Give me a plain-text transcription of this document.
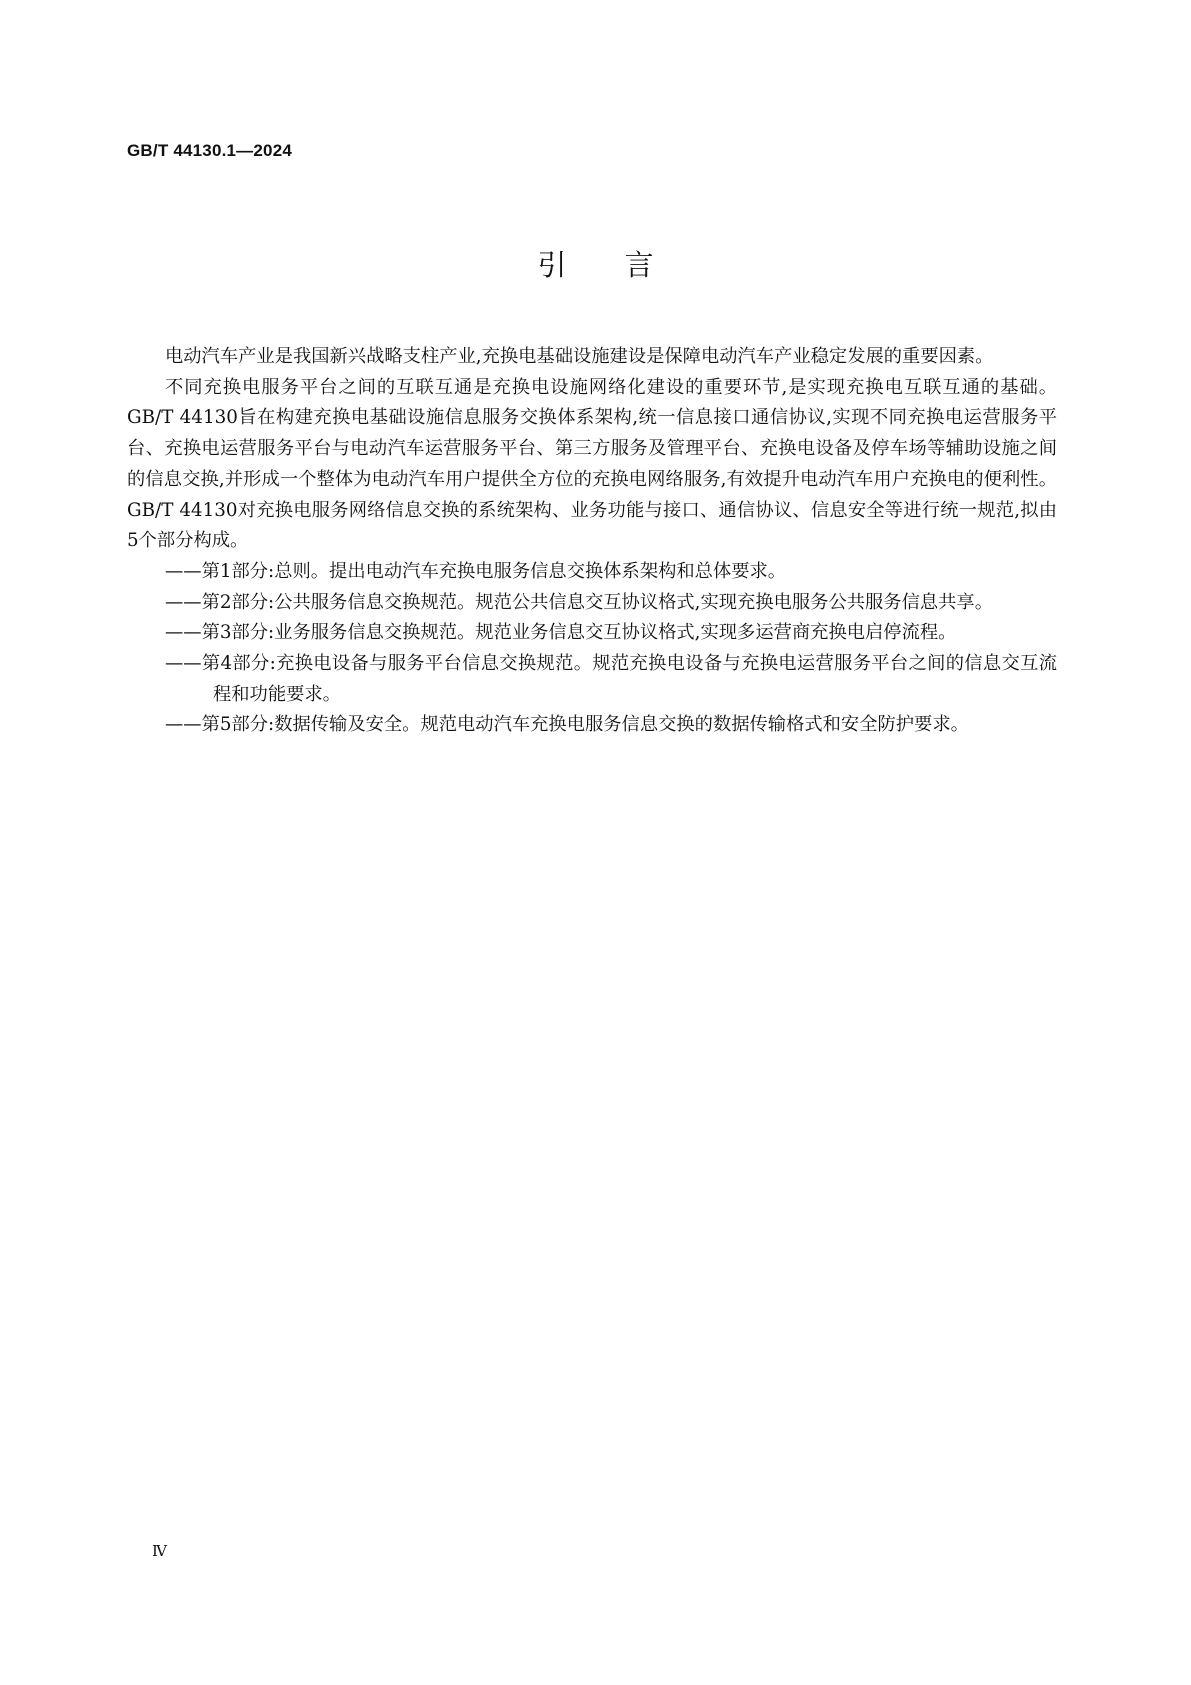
GB/T 44130.1—2024
引言

电动汽车产业是我国新兴战略支柱产业,充换电基础设施建设是保障电动汽车产业稳定发展的重要因素。

不同充换电服务平台之间的互联互通是充换电设施网络化建设的重要环节,是实现充换电互联互通的基础。GB/T 44130旨在构建充换电基础设施信息服务交换体系架构,统一信息接口通信协议,实现不同充换电运营服务平台、充换电运营服务平台与电动汽车运营服务平台、第三方服务及管理平台、充换电设备及停车场等辅助设施之间的信息交换,并形成一个整体为电动汽车用户提供全方位的充换电网络服务,有效提升电动汽车用户充换电的便利性。GB/T 44130对充换电服务网络信息交换的系统架构、业务功能与接口、通信协议、信息安全等进行统一规范,拟由5个部分构成。

——第1部分:总则。提出电动汽车充换电服务信息交换体系架构和总体要求。
——第2部分:公共服务信息交换规范。规范公共信息交互协议格式,实现充换电服务公共服务信息共享。
——第3部分:业务服务信息交换规范。规范业务信息交互协议格式,实现多运营商充换电启停流程。
——第4部分:充换电设备与服务平台信息交换规范。规范充换电设备与充换电运营服务平台之间的信息交互流程和功能要求。
——第5部分:数据传输及安全。规范电动汽车充换电服务信息交换的数据传输格式和安全防护要求。
Ⅳ
